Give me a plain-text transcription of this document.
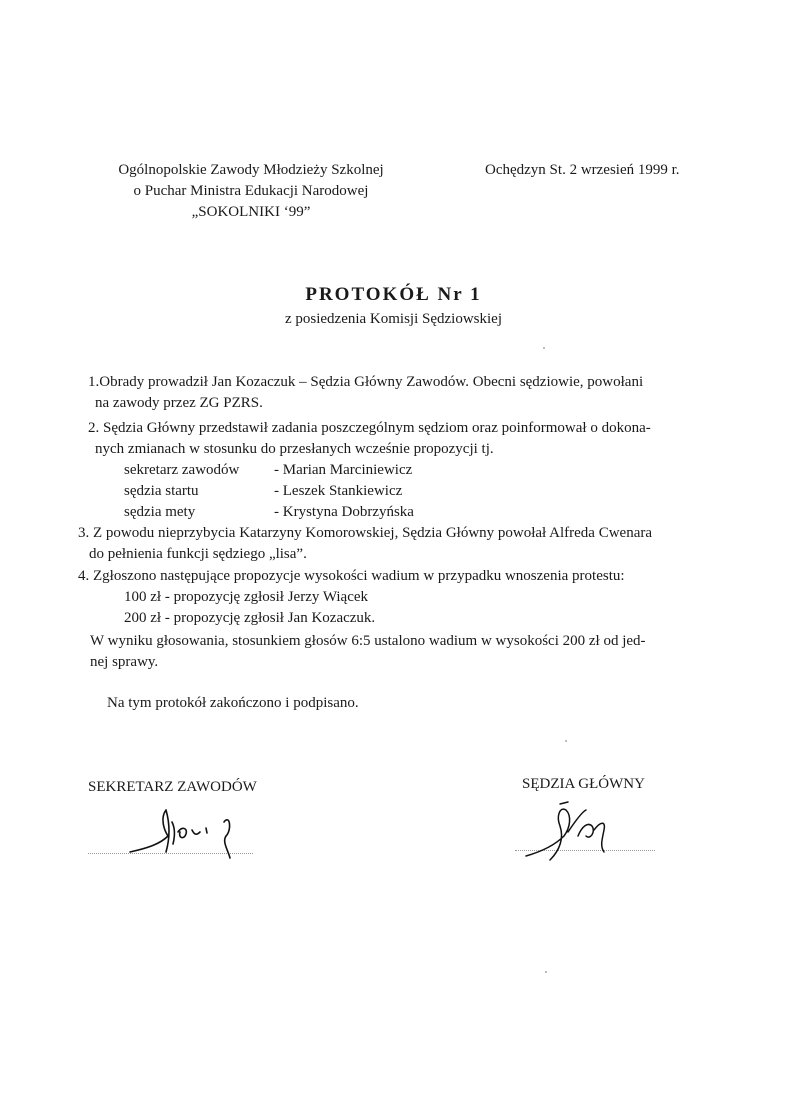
Ogólnopolskie Zawody Młodzieży Szkolnej
o Puchar Ministra Edukacji Narodowej
„SOKOLNIKI ‘99”
Ochędzyn St. 2 wrzesień 1999 r.
PROTOKÓŁ Nr 1
z posiedzenia Komisji Sędziowskiej
1.Obrady prowadził Jan Kozaczuk – Sędzia Główny Zawodów. Obecni sędziowie, powołani
na zawody przez ZG PZRS.
2. Sędzia Główny przedstawił zadania poszczególnym sędziom oraz poinformował o dokona-
nych zmianach w stosunku do przesłanych wcześnie propozycji tj.
sekretarz zawodów - Marian Marciniewicz
sędzia startu	- Leszek Stankiewicz
sędzia mety	- Krystyna Dobrzyńska
3. Z powodu nieprzybycia Katarzyny Komorowskiej, Sędzia Główny powołał Alfreda Cwenara
do pełnienia funkcji sędziego „lisa”.
4. Zgłoszono następujące propozycje wysokości wadium w przypadku wnoszenia protestu:
100 zł - propozycję zgłosił Jerzy Wiącek
200 zł - propozycję zgłosił Jan Kozaczuk.
W wyniku głosowania, stosunkiem głosów 6:5 ustalono wadium w wysokości 200 zł od jed-
nej sprawy.
Na tym protokół zakończono i podpisano.
SEKRETARZ ZAWODÓW	SĘDZIA GŁÓWNY
